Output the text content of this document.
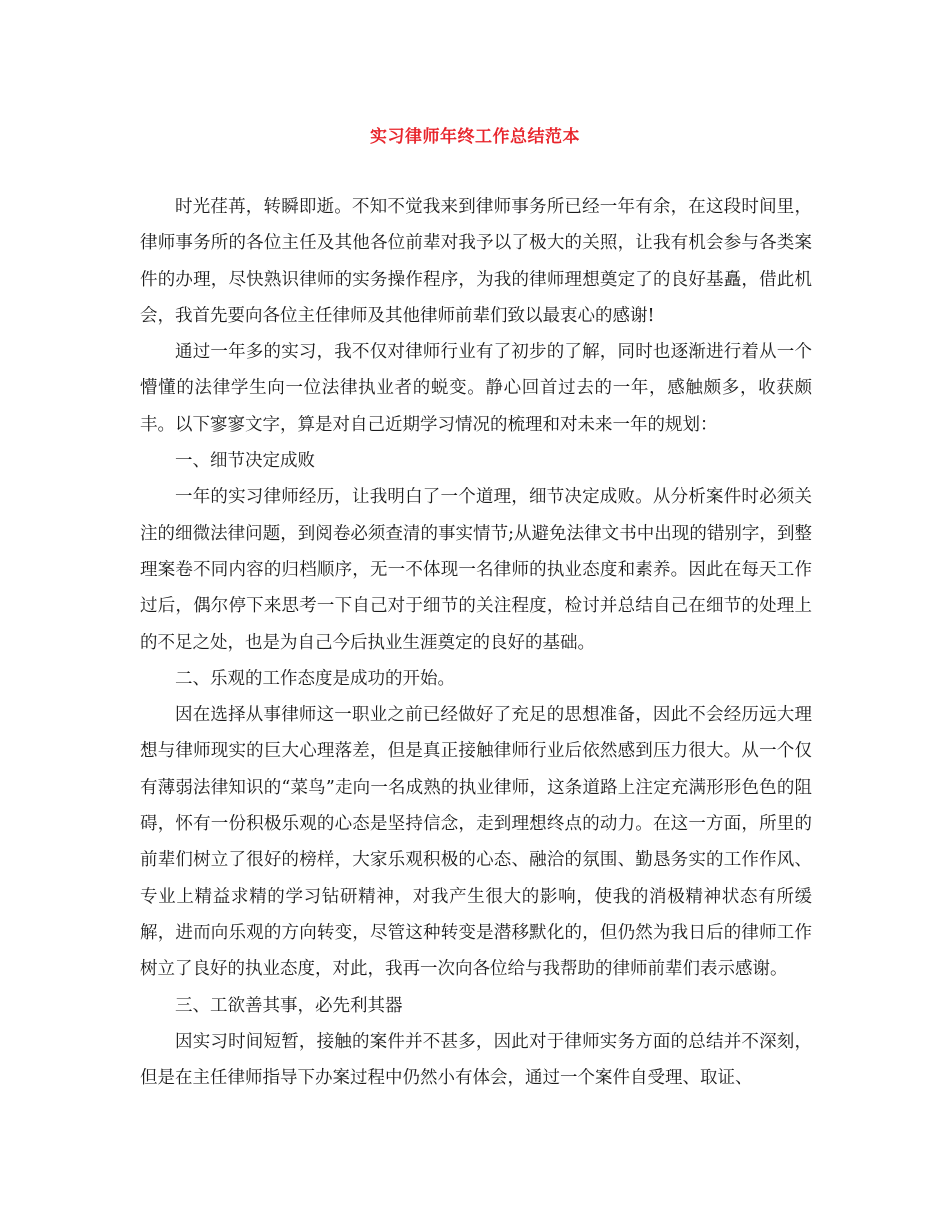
实习律师年终工作总结范本

时光荏苒，转瞬即逝。不知不觉我来到律师事务所已经一年有余，在这段时间里，律师事务所的各位主任及其他各位前辈对我予以了极大的关照，让我有机会参与各类案件的办理，尽快熟识律师的实务操作程序，为我的律师理想奠定了的良好基矗，借此机会，我首先要向各位主任律师及其他律师前辈们致以最衷心的感谢!

通过一年多的实习，我不仅对律师行业有了初步的了解，同时也逐渐进行着从一个懵懂的法律学生向一位法律执业者的蜕变。静心回首过去的一年，感触颇多，收获颇丰。以下寥寥文字，算是对自己近期学习情况的梳理和对未来一年的规划：

一、细节决定成败

一年的实习律师经历，让我明白了一个道理，细节决定成败。从分析案件时必须关注的细微法律问题，到阅卷必须查清的事实情节;从避免法律文书中出现的错别字，到整理案卷不同内容的归档顺序，无一不体现一名律师的执业态度和素养。因此在每天工作过后，偶尔停下来思考一下自己对于细节的关注程度，检讨并总结自己在细节的处理上的不足之处，也是为自己今后执业生涯奠定的良好的基础。

二、乐观的工作态度是成功的开始。

因在选择从事律师这一职业之前已经做好了充足的思想准备，因此不会经历远大理想与律师现实的巨大心理落差，但是真正接触律师行业后依然感到压力很大。从一个仅有薄弱法律知识的“菜鸟”走向一名成熟的执业律师，这条道路上注定充满形形色色的阻碍，怀有一份积极乐观的心态是坚持信念，走到理想终点的动力。在这一方面，所里的前辈们树立了很好的榜样，大家乐观积极的心态、融洽的氛围、勤恳务实的工作作风、专业上精益求精的学习钻研精神，对我产生很大的影响，使我的消极精神状态有所缓解，进而向乐观的方向转变，尽管这种转变是潜移默化的，但仍然为我日后的律师工作树立了良好的执业态度，对此，我再一次向各位给与我帮助的律师前辈们表示感谢。

三、工欲善其事，必先利其器

因实习时间短暂，接触的案件并不甚多，因此对于律师实务方面的总结并不深刻，但是在主任律师指导下办案过程中仍然小有体会，通过一个案件自受理、取证、
